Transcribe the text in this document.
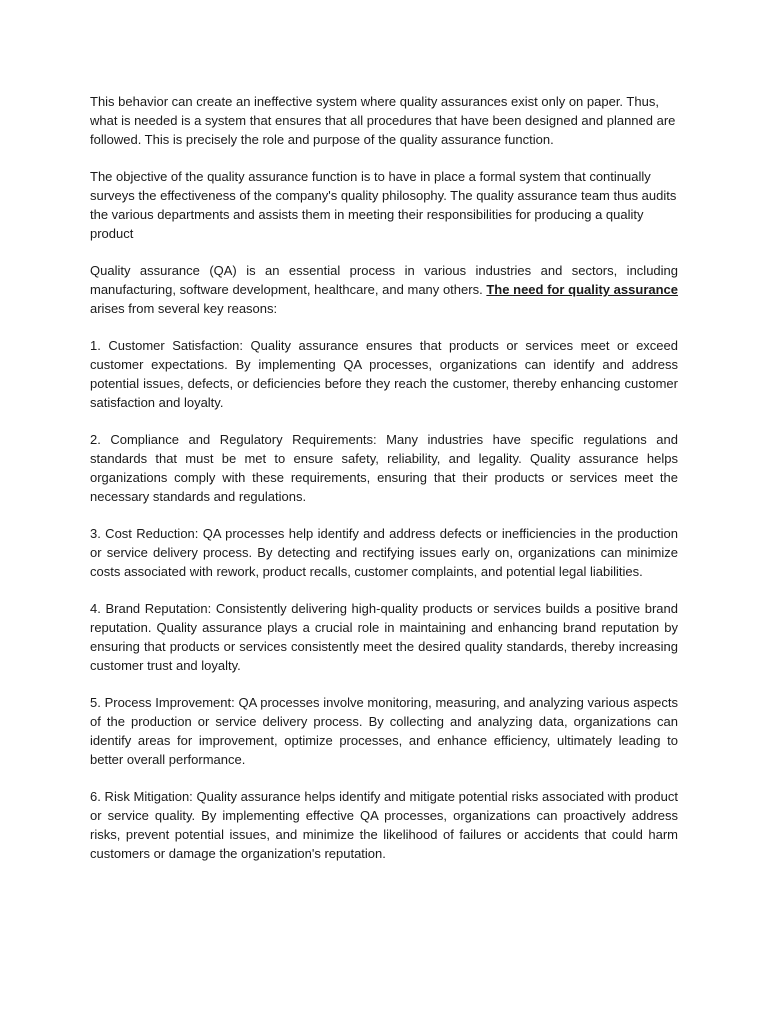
This behavior can create an ineffective system where quality assurances exist only on paper. Thus, what is needed is a system that ensures that all procedures that have been designed and planned are followed. This is precisely the role and purpose of the quality assurance function.

The objective of the quality assurance function is to have in place a formal system that continually surveys the effectiveness of the company's quality philosophy. The quality assurance team thus audits the various departments and assists them in meeting their responsibilities for producing a quality product

Quality assurance (QA) is an essential process in various industries and sectors, including manufacturing, software development, healthcare, and many others. The need for quality assurance arises from several key reasons:

1. Customer Satisfaction: Quality assurance ensures that products or services meet or exceed customer expectations. By implementing QA processes, organizations can identify and address potential issues, defects, or deficiencies before they reach the customer, thereby enhancing customer satisfaction and loyalty.

2. Compliance and Regulatory Requirements: Many industries have specific regulations and standards that must be met to ensure safety, reliability, and legality. Quality assurance helps organizations comply with these requirements, ensuring that their products or services meet the necessary standards and regulations.

3. Cost Reduction: QA processes help identify and address defects or inefficiencies in the production or service delivery process. By detecting and rectifying issues early on, organizations can minimize costs associated with rework, product recalls, customer complaints, and potential legal liabilities.

4. Brand Reputation: Consistently delivering high-quality products or services builds a positive brand reputation. Quality assurance plays a crucial role in maintaining and enhancing brand reputation by ensuring that products or services consistently meet the desired quality standards, thereby increasing customer trust and loyalty.

5. Process Improvement: QA processes involve monitoring, measuring, and analyzing various aspects of the production or service delivery process. By collecting and analyzing data, organizations can identify areas for improvement, optimize processes, and enhance efficiency, ultimately leading to better overall performance.

6. Risk Mitigation: Quality assurance helps identify and mitigate potential risks associated with product or service quality. By implementing effective QA processes, organizations can proactively address risks, prevent potential issues, and minimize the likelihood of failures or accidents that could harm customers or damage the organization's reputation.
